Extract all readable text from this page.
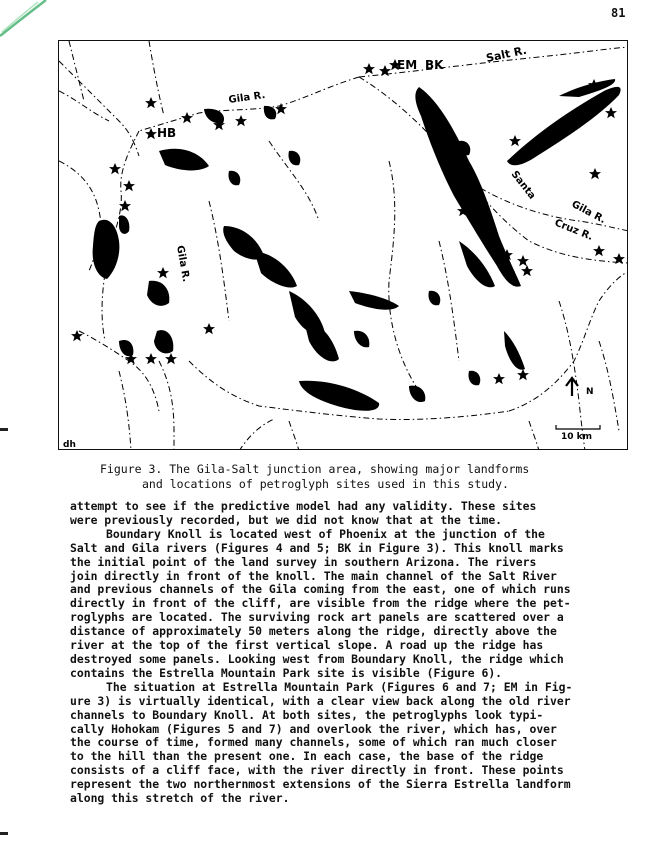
81
Salt R.
Gila R.
Gila R.
Gila R.
Santa
Cruz R.
EM BK
HB
N
10 km
dh
Figure 3. The Gila-Salt junction area, showing major landforms
and locations of petroglyph sites used in this study.

attempt to see if the predictive model had any validity. These sites
were previously recorded, but we did not know that at the time.

Boundary Knoll is located west of Phoenix at the junction of the
Salt and Gila rivers (Figures 4 and 5; BK in Figure 3). This knoll marks
the initial point of the land survey in southern Arizona. The rivers
join directly in front of the knoll. The main channel of the Salt River
and previous channels of the Gila coming from the east, one of which runs
directly in front of the cliff, are visible from the ridge where the pet-
roglyphs are located. The surviving rock art panels are scattered over a
distance of approximately 50 meters along the ridge, directly above the
river at the top of the first vertical slope. A road up the ridge has
destroyed some panels. Looking west from Boundary Knoll, the ridge which
contains the Estrella Mountain Park site is visible (Figure 6).

The situation at Estrella Mountain Park (Figures 6 and 7; EM in Fig-
ure 3) is virtually identical, with a clear view back along the old river
channels to Boundary Knoll. At both sites, the petroglyphs look typi-
cally Hohokam (Figures 5 and 7) and overlook the river, which has, over
the course of time, formed many channels, some of which ran much closer
to the hill than the present one. In each case, the base of the ridge
consists of a cliff face, with the river directly in front. These points
represent the two northernmost extensions of the Sierra Estrella landform
along this stretch of the river.
